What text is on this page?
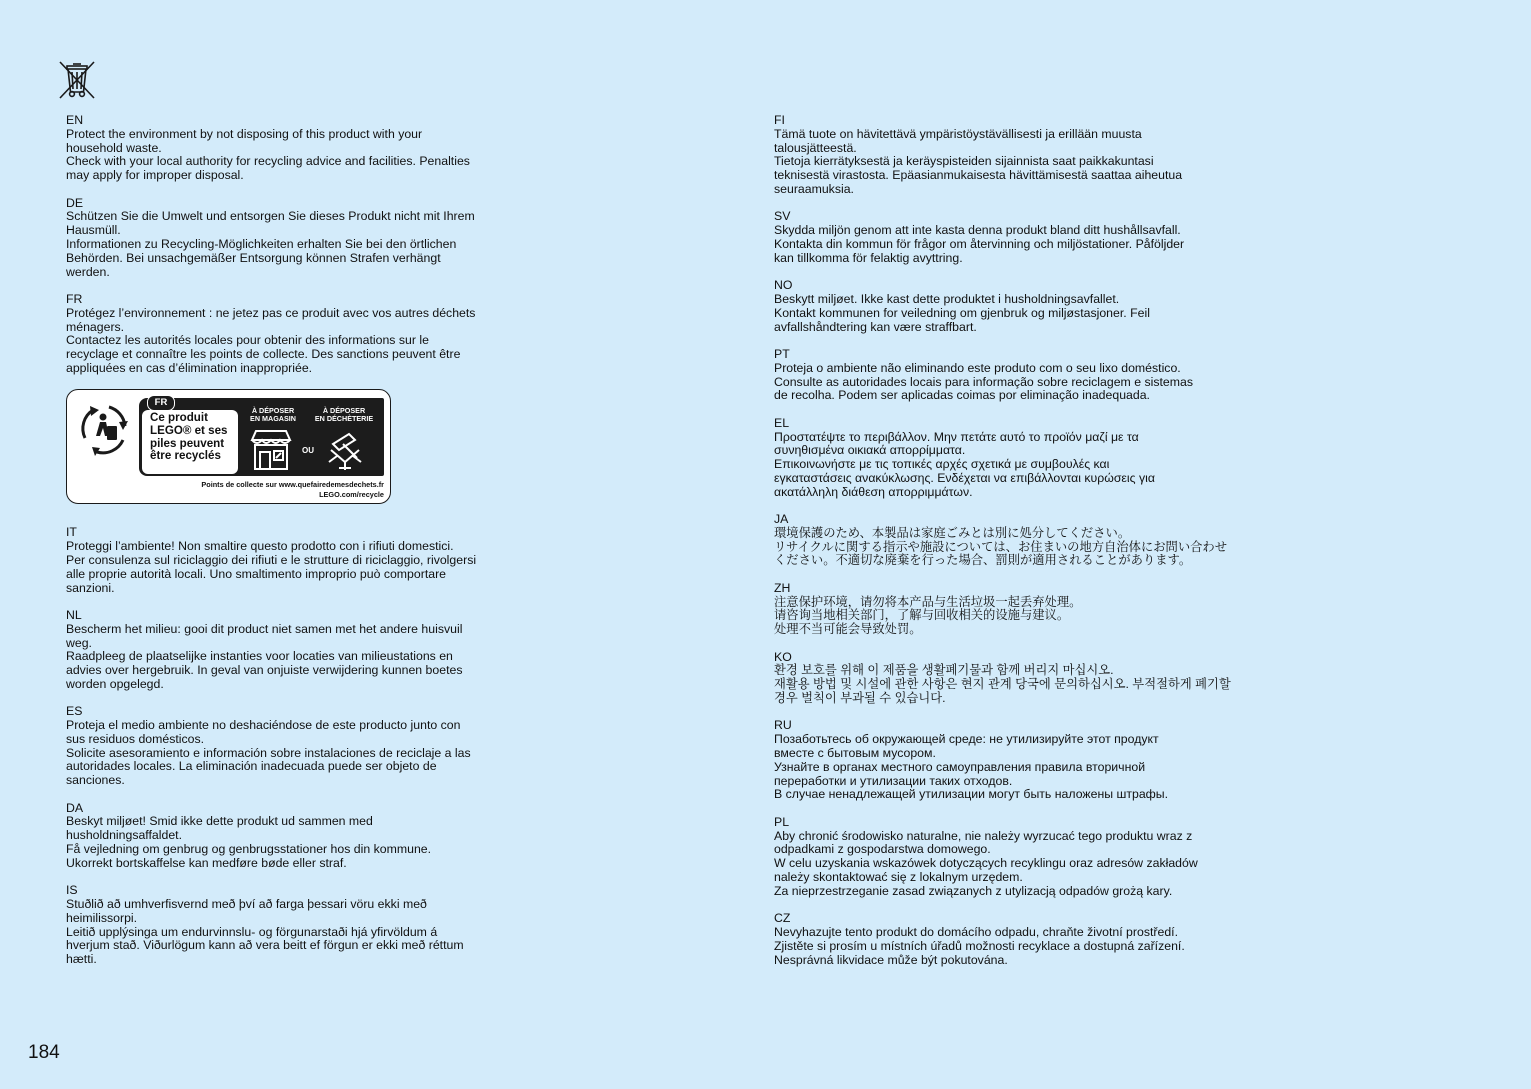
EN
Protect the environment by not disposing of this product with your
household waste.
Check with your local authority for recycling advice and facilities. Penalties
may apply for improper disposal.
DE
Schützen Sie die Umwelt und entsorgen Sie dieses Produkt nicht mit Ihrem
Hausmüll.
Informationen zu Recycling-Möglichkeiten erhalten Sie bei den örtlichen
Behörden. Bei unsachgemäßer Entsorgung können Strafen verhängt
werden.
FR
Protégez l’environnement : ne jetez pas ce produit avec vos autres déchets
ménagers.
Contactez les autorités locales pour obtenir des informations sur le
recyclage et connaître les points de collecte. Des sanctions peuvent être
appliquées en cas d’élimination inappropriée.
FR
Ce produit
LEGO® et ses
piles peuvent
être recyclés
À DÉPOSER
EN MAGASIN
À DÉPOSER
EN DÉCHÈTERIE
OU
Points de collecte sur www.quefairedemesdechets.fr
LEGO.com/recycle
IT
Proteggi l’ambiente! Non smaltire questo prodotto con i rifiuti domestici.
Per consulenza sul riciclaggio dei rifiuti e le strutture di riciclaggio, rivolgersi
alle proprie autorità locali. Uno smaltimento improprio può comportare
sanzioni.
NL
Bescherm het milieu: gooi dit product niet samen met het andere huisvuil
weg.
Raadpleeg de plaatselijke instanties voor locaties van milieustations en
advies over hergebruik. In geval van onjuiste verwijdering kunnen boetes
worden opgelegd.
ES
Proteja el medio ambiente no deshaciéndose de este producto junto con
sus residuos domésticos.
Solicite asesoramiento e información sobre instalaciones de reciclaje a las
autoridades locales. La eliminación inadecuada puede ser objeto de
sanciones.
DA
Beskyt miljøet! Smid ikke dette produkt ud sammen med
husholdningsaffaldet.
Få vejledning om genbrug og genbrugsstationer hos din kommune.
Ukorrekt bortskaffelse kan medføre bøde eller straf.
IS
Stuðlið að umhverfisvernd með því að farga þessari vöru ekki með
heimilissorpi.
Leitið upplýsinga um endurvinnslu- og förgunarstaði hjá yfirvöldum á
hverjum stað. Viðurlögum kann að vera beitt ef förgun er ekki með réttum
hætti.
FI
Tämä tuote on hävitettävä ympäristöystävällisesti ja erillään muusta
talousjätteestä.
Tietoja kierrätyksestä ja keräyspisteiden sijainnista saat paikkakuntasi
teknisestä virastosta. Epäasianmukaisesta hävittämisestä saattaa aiheutua
seuraamuksia.
SV
Skydda miljön genom att inte kasta denna produkt bland ditt hushållsavfall.
Kontakta din kommun för frågor om återvinning och miljöstationer. Påföljder
kan tillkomma för felaktig avyttring.
NO
Beskytt miljøet. Ikke kast dette produktet i husholdningsavfallet.
Kontakt kommunen for veiledning om gjenbruk og miljøstasjoner. Feil
avfallshåndtering kan være straffbart.
PT
Proteja o ambiente não eliminando este produto com o seu lixo doméstico.
Consulte as autoridades locais para informação sobre reciclagem e sistemas
de recolha. Podem ser aplicadas coimas por eliminação inadequada.
EL
Προστατέψτε το περιβάλλον. Μην πετάτε αυτό το προϊόν μαζί με τα
συνηθισμένα οικιακά απορρίμματα.
Επικοινωνήστε με τις τοπικές αρχές σχετικά με συμβουλές και
εγκαταστάσεις ανακύκλωσης. Ενδέχεται να επιβάλλονται κυρώσεις για
ακατάλληλη διάθεση απορριμμάτων.
JA
環境保護のため、本製品は家庭ごみとは別に処分してください。
リサイクルに関する指示や施設については、お住まいの地方自治体にお問い合わせ
ください。不適切な廃棄を行った場合、罰則が適用されることがあります。
ZH
注意保护环境，请勿将本产品与生活垃圾一起丢弃处理。
请咨询当地相关部门，了解与回收相关的设施与建议。
处理不当可能会导致处罚。
KO
환경 보호를 위해 이 제품을 생활폐기물과 함께 버리지 마십시오.
재활용 방법 및 시설에 관한 사항은 현지 관계 당국에 문의하십시오. 부적절하게 폐기할
경우 벌칙이 부과될 수 있습니다.
RU
Позаботьтесь об окружающей среде: не утилизируйте этот продукт
вместе с бытовым мусором.
Узнайте в органах местного самоуправления правила вторичной
переработки и утилизации таких отходов.
В случае ненадлежащей утилизации могут быть наложены штрафы.
PL
Aby chronić środowisko naturalne, nie należy wyrzucać tego produktu wraz z
odpadkami z gospodarstwa domowego.
W celu uzyskania wskazówek dotyczących recyklingu oraz adresów zakładów
należy skontaktować się z lokalnym urzędem.
Za nieprzestrzeganie zasad związanych z utylizacją odpadów grożą kary.
CZ
Nevyhazujte tento produkt do domácího odpadu, chraňte životní prostředí.
Zjistěte si prosím u místních úřadů možnosti recyklace a dostupná zařízení.
Nesprávná likvidace může být pokutována.
184
